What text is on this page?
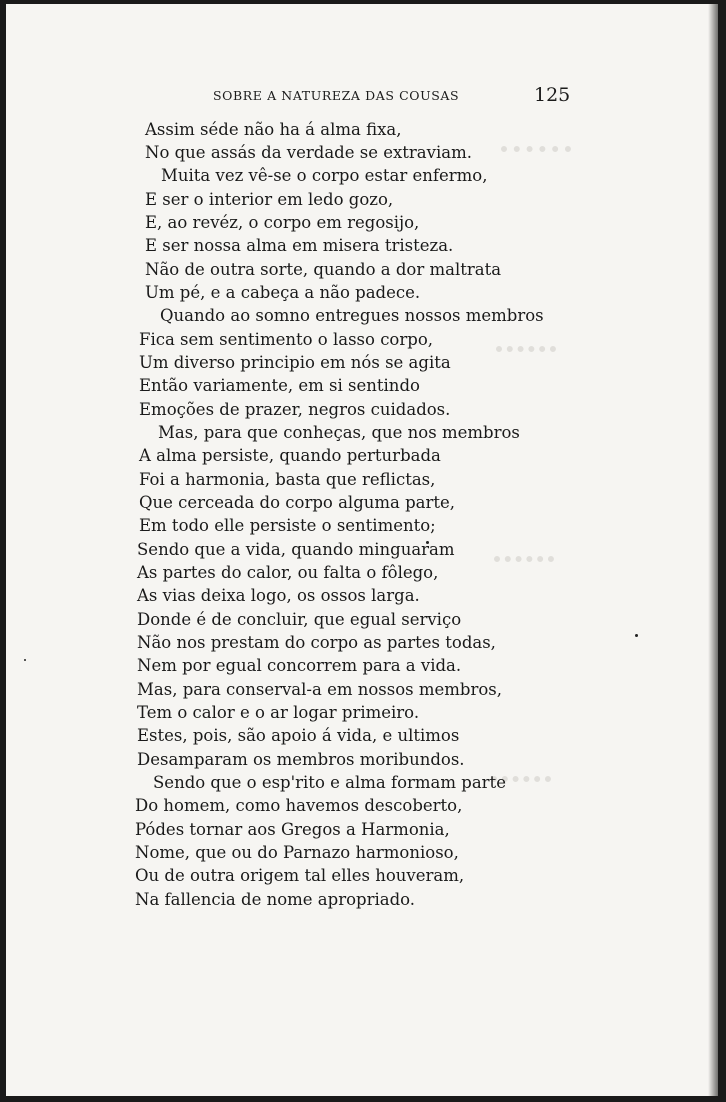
SOBRE A NATUREZA DAS COUSAS	125
Assim séde não ha á alma fixa,
No que assás da verdade se extraviam.
Muita vez vê-se o corpo estar enfermo,
E ser o interior em ledo gozo,
E, ao revéz, o corpo em regosijo,
E ser nossa alma em misera tristeza.
Não de outra sorte, quando a dor maltrata
Um pé, e a cabeça a não padece.
Quando ao somno entregues nossos membros
Fica sem sentimento o lasso corpo,
Um diverso principio em nós se agita
Então variamente, em si sentindo
Emoções de prazer, negros cuidados.
Mas, para que conheças, que nos membros
A alma persiste, quando perturbada
Foi a harmonia, basta que reflictas,
Que cerceada do corpo alguma parte,
Em todo elle persiste o sentimento;
Sendo que a vida, quando minguaram
As partes do calor, ou falta o fôlego,
As vias deixa logo, os ossos larga.
Donde é de concluir, que egual serviço
Não nos prestam do corpo as partes todas,
Nem por egual concorrem para a vida.
Mas, para conserval-a em nossos membros,
Tem o calor e o ar logar primeiro.
Estes, pois, são apoio á vida, e ultimos
Desamparam os membros moribundos.
Sendo que o esp'rito e alma formam parte
Do homem, como havemos descoberto,
Pódes tornar aos Gregos a Harmonia,
Nome, que ou do Parnazo harmonioso,
Ou de outra origem tal elles houveram,
Na fallencia de nome apropriado.
